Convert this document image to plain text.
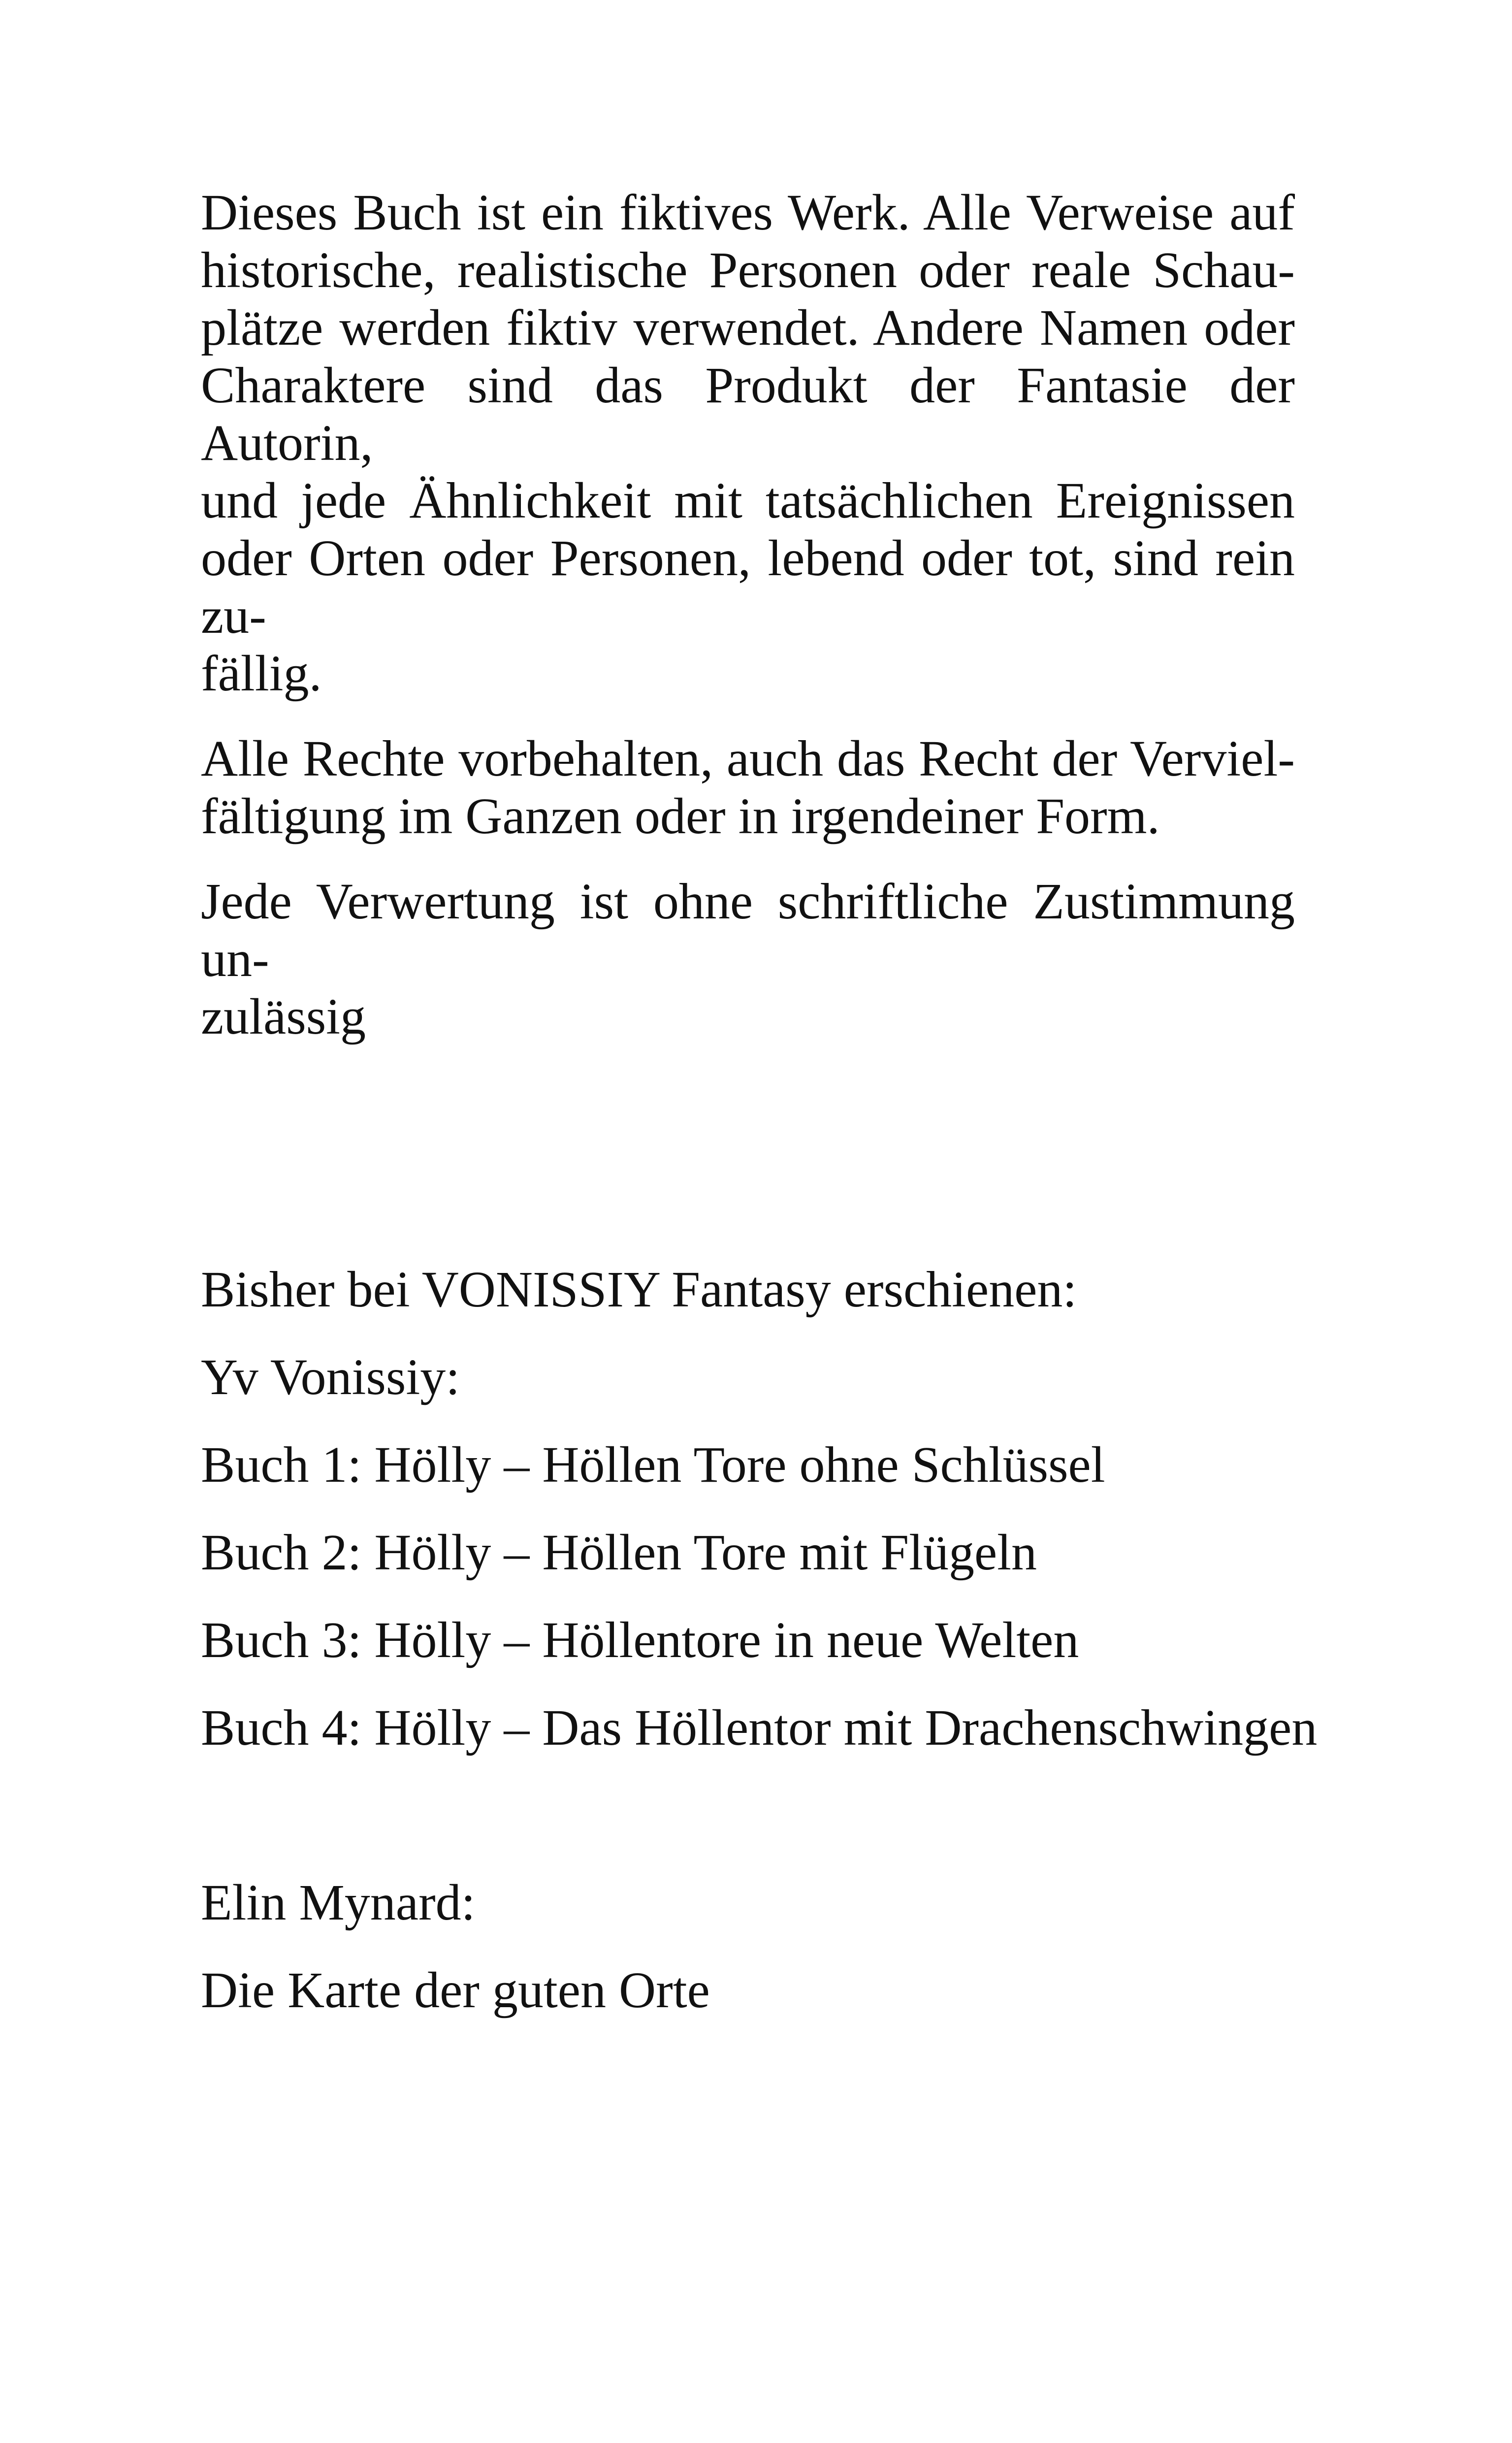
Dieses Buch ist ein fiktives Werk. Alle Verweise auf
historische, realistische Personen oder reale Schau-
plätze werden fiktiv verwendet. Andere Namen oder
Charaktere sind das Produkt der Fantasie der Autorin,
und jede Ähnlichkeit mit tatsächlichen Ereignissen
oder Orten oder Personen, lebend oder tot, sind rein zu-
fällig.
Alle Rechte vorbehalten, auch das Recht der Verviel-
fältigung im Ganzen oder in irgendeiner Form.
Jede Verwertung ist ohne schriftliche Zustimmung un-
zulässig
Bisher bei VONISSIY Fantasy erschienen:
Yv Vonissiy:
Buch 1: Hölly – Höllen Tore ohne Schlüssel
Buch 2: Hölly – Höllen Tore mit Flügeln
Buch 3: Hölly – Höllentore in neue Welten
Buch 4: Hölly – Das Höllentor mit Drachenschwingen
Elin Mynard:
Die Karte der guten Orte
